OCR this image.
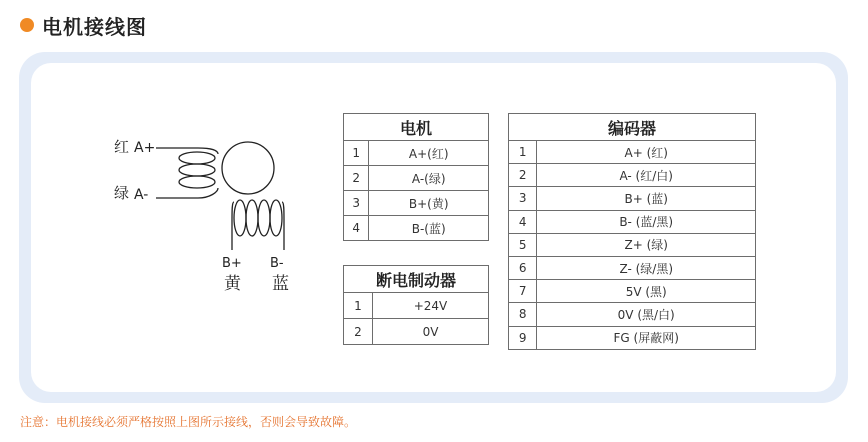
电机接线图
红 A+
绿 A-
B+
黄
B-
蓝
电机	
1	A+(红)
2	A-(绿)
3	B+(黄)
4	B-(蓝)
断电制动器	
1	+24V
2	0V
编码器	
1	A+ (红)
2	A- (红/白)
3	B+ (蓝)
4	B- (蓝/黑)
5	Z+ (绿)
6	Z- (绿/黑)
7	5V (黑)
8	0V (黑/白)
9	FG (屏蔽网)
注意：电机接线必须严格按照上图所示接线，否则会导致故障。
